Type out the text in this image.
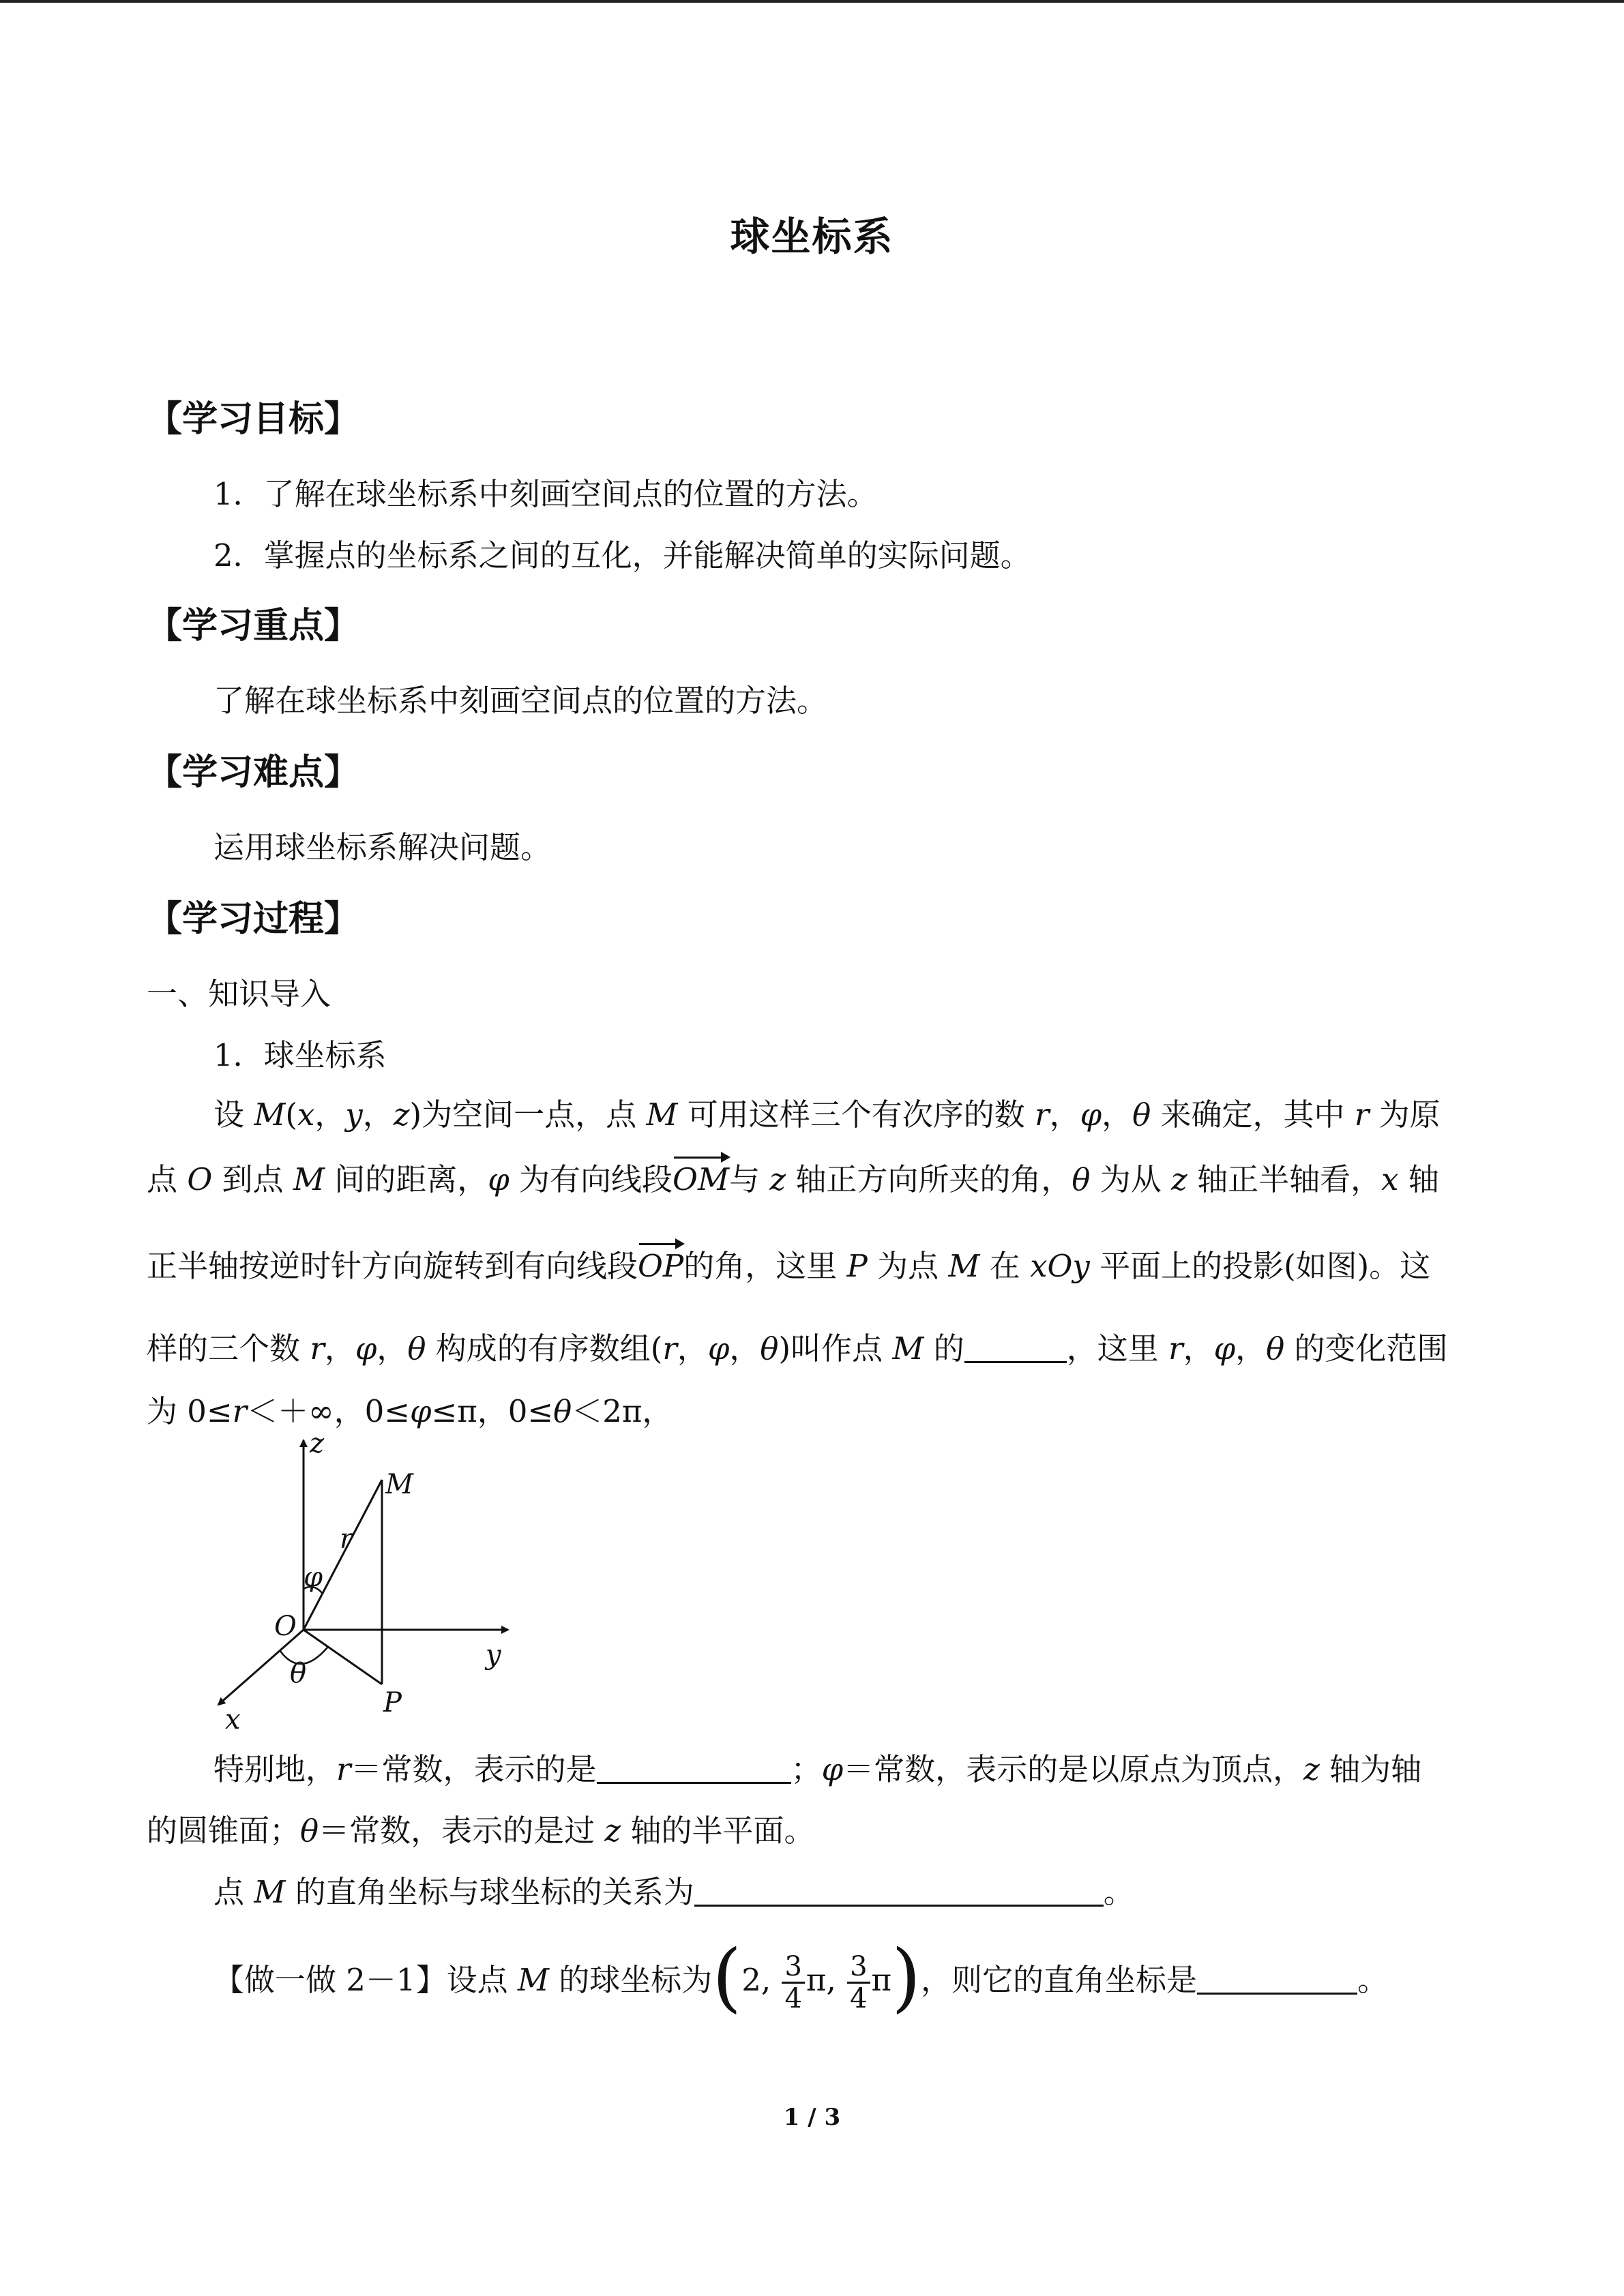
球坐标系
【学习目标】
1．了解在球坐标系中刻画空间点的位置的方法。
2．掌握点的坐标系之间的互化，并能解决简单的实际问题。
【学习重点】
了解在球坐标系中刻画空间点的位置的方法。
【学习难点】
运用球坐标系解决问题。
【学习过程】
一、知识导入
1．球坐标系
设 M(x，y，z)为空间一点，点 M 可用这样三个有次序的数 r，φ，θ 来确定，其中 r 为原
点 O 到点 M 间的距离，φ 为有向线段OM与 z 轴正方向所夹的角，θ 为从 z 轴正半轴看，x 轴
正半轴按逆时针方向旋转到有向线段OP的角，这里 P 为点 M 在 xOy 平面上的投影(如图)。这
样的三个数 r，φ，θ 构成的有序数组(r，φ，θ)叫作点 M 的	，这里 r，φ，θ 的变化范围
为 0≤r＜＋∞，0≤φ≤π，0≤θ＜2π，
z
y
x
O
M
P
r
φ
θ
特别地，r＝常数，表示的是	；φ＝常数，表示的是以原点为顶点，z 轴为轴
的圆锥面；θ＝常数，表示的是过 z 轴的半平面。
点 M 的直角坐标与球坐标的关系为	。
【做一做 2－1】设点 M 的球坐标为(2, $\frac{3}{4} \pi$, $\frac{3}{4} \pi$)，则它的直角坐标是	。
1 / 3
